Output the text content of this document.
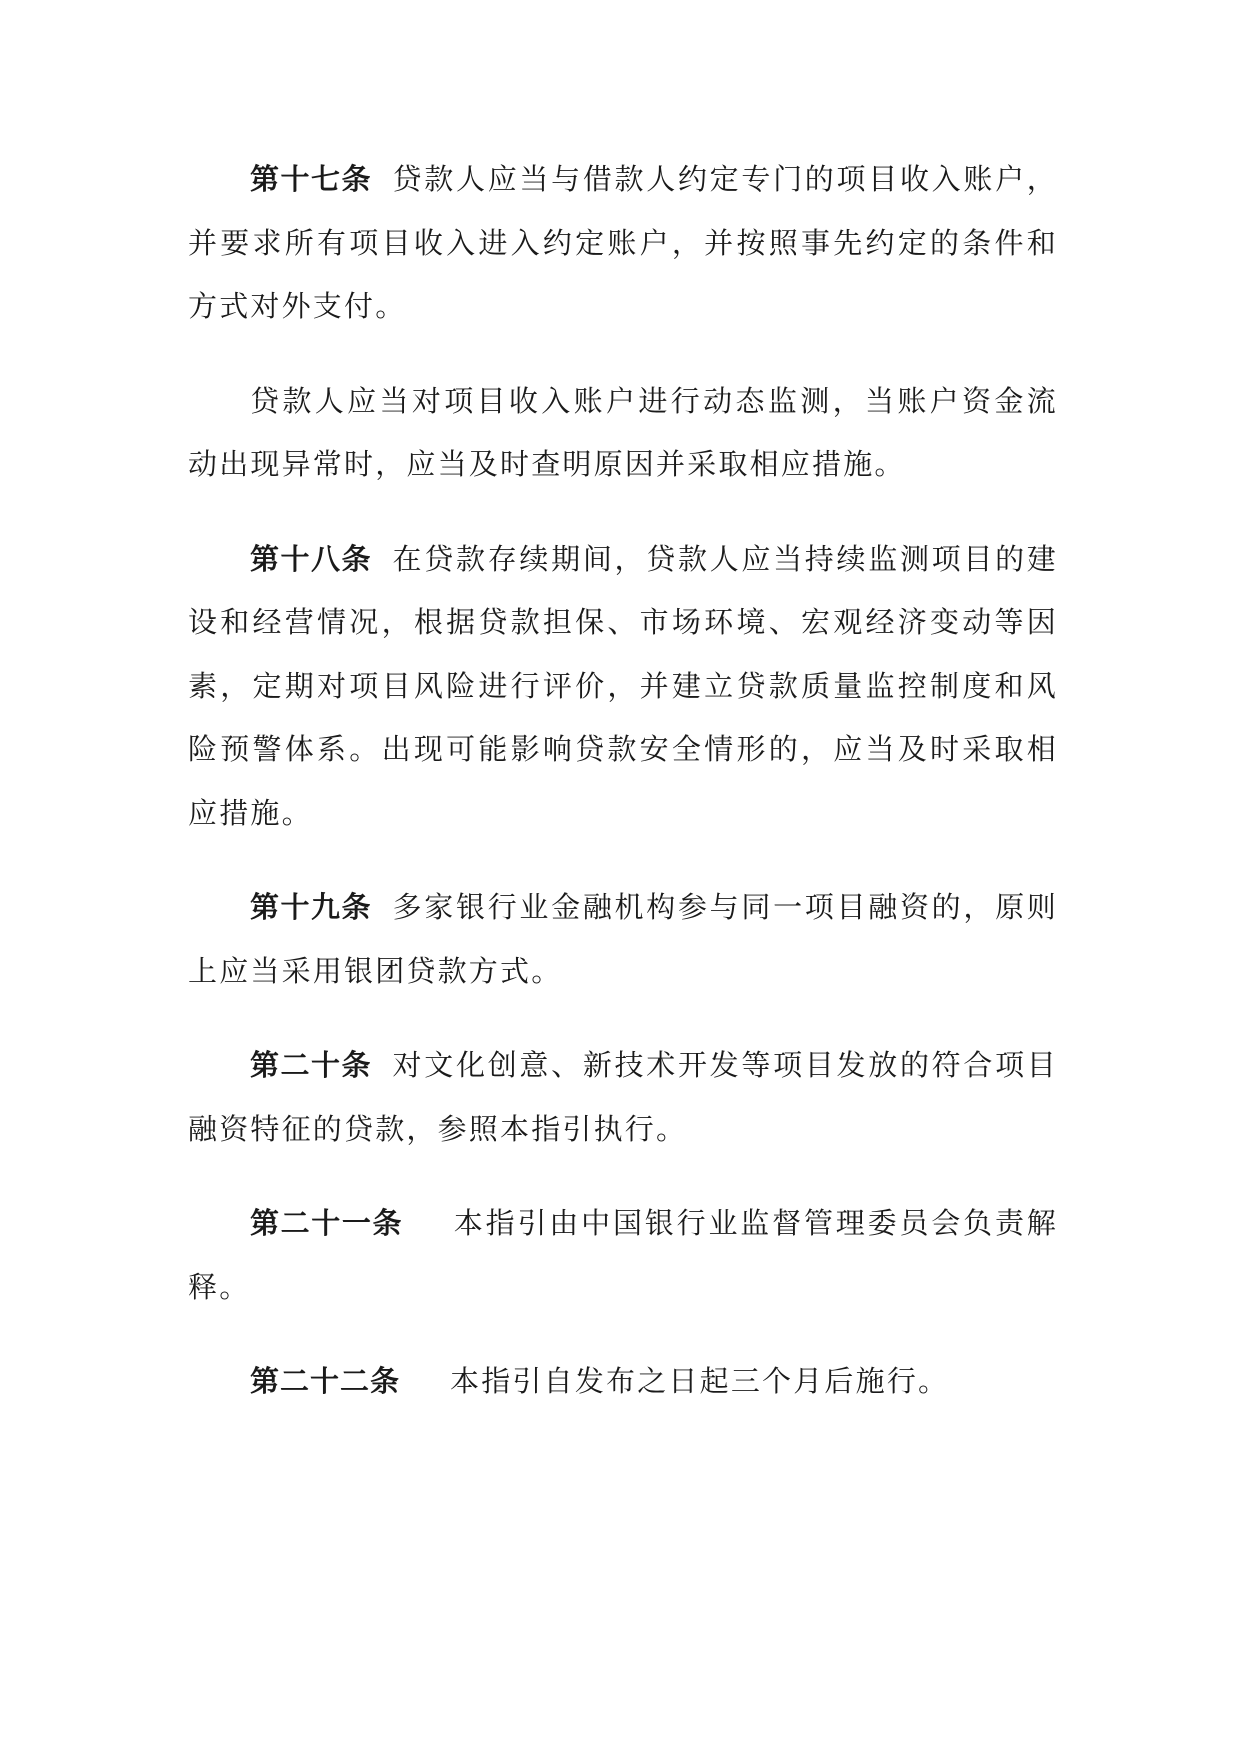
第十七条 贷款人应当与借款人约定专门的项目收入账户，并要求所有项目收入进入约定账户，并按照事先约定的条件和方式对外支付。

贷款人应当对项目收入账户进行动态监测，当账户资金流动出现异常时，应当及时查明原因并采取相应措施。

第十八条 在贷款存续期间，贷款人应当持续监测项目的建设和经营情况，根据贷款担保、市场环境、宏观经济变动等因素，定期对项目风险进行评价，并建立贷款质量监控制度和风险预警体系。出现可能影响贷款安全情形的，应当及时采取相应措施。

第十九条 多家银行业金融机构参与同一项目融资的，原则上应当采用银团贷款方式。

第二十条 对文化创意、新技术开发等项目发放的符合项目融资特征的贷款，参照本指引执行。

第二十一条 本指引由中国银行业监督管理委员会负责解释。

第二十二条 本指引自发布之日起三个月后施行。
